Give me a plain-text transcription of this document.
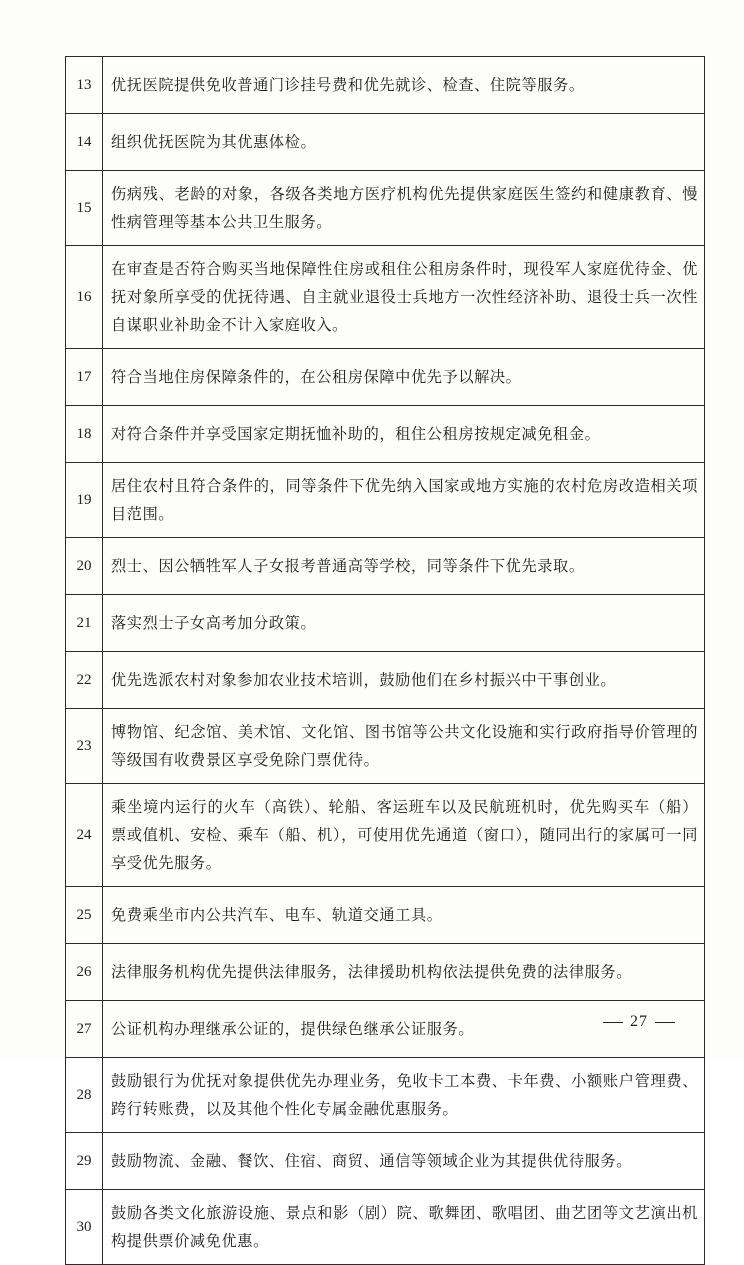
13	优抚医院提供免收普通门诊挂号费和优先就诊、检查、住院等服务。
14	组织优抚医院为其优惠体检。
15	伤病残、老龄的对象，各级各类地方医疗机构优先提供家庭医生签约和健康教育、慢性病管理等基本公共卫生服务。
16	在审查是否符合购买当地保障性住房或租住公租房条件时，现役军人家庭优待金、优抚对象所享受的优抚待遇、自主就业退役士兵地方一次性经济补助、退役士兵一次性自谋职业补助金不计入家庭收入。
17	符合当地住房保障条件的，在公租房保障中优先予以解决。
18	对符合条件并享受国家定期抚恤补助的，租住公租房按规定减免租金。
19	居住农村且符合条件的，同等条件下优先纳入国家或地方实施的农村危房改造相关项目范围。
20	烈士、因公牺牲军人子女报考普通高等学校，同等条件下优先录取。
21	落实烈士子女高考加分政策。
22	优先选派农村对象参加农业技术培训，鼓励他们在乡村振兴中干事创业。
23	博物馆、纪念馆、美术馆、文化馆、图书馆等公共文化设施和实行政府指导价管理的等级国有收费景区享受免除门票优待。
24	乘坐境内运行的火车（高铁）、轮船、客运班车以及民航班机时，优先购买车（船）票或值机、安检、乘车（船、机），可使用优先通道（窗口），随同出行的家属可一同享受优先服务。
25	免费乘坐市内公共汽车、电车、轨道交通工具。
26	法律服务机构优先提供法律服务，法律援助机构依法提供免费的法律服务。
27	公证机构办理继承公证的，提供绿色继承公证服务。
28	鼓励银行为优抚对象提供优先办理业务，免收卡工本费、卡年费、小额账户管理费、跨行转账费，以及其他个性化专属金融优惠服务。
29	鼓励物流、金融、餐饮、住宿、商贸、通信等领域企业为其提供优待服务。
30	鼓励各类文化旅游设施、景点和影（剧）院、歌舞团、歌唱团、曲艺团等文艺演出机构提供票价减免优惠。
27
